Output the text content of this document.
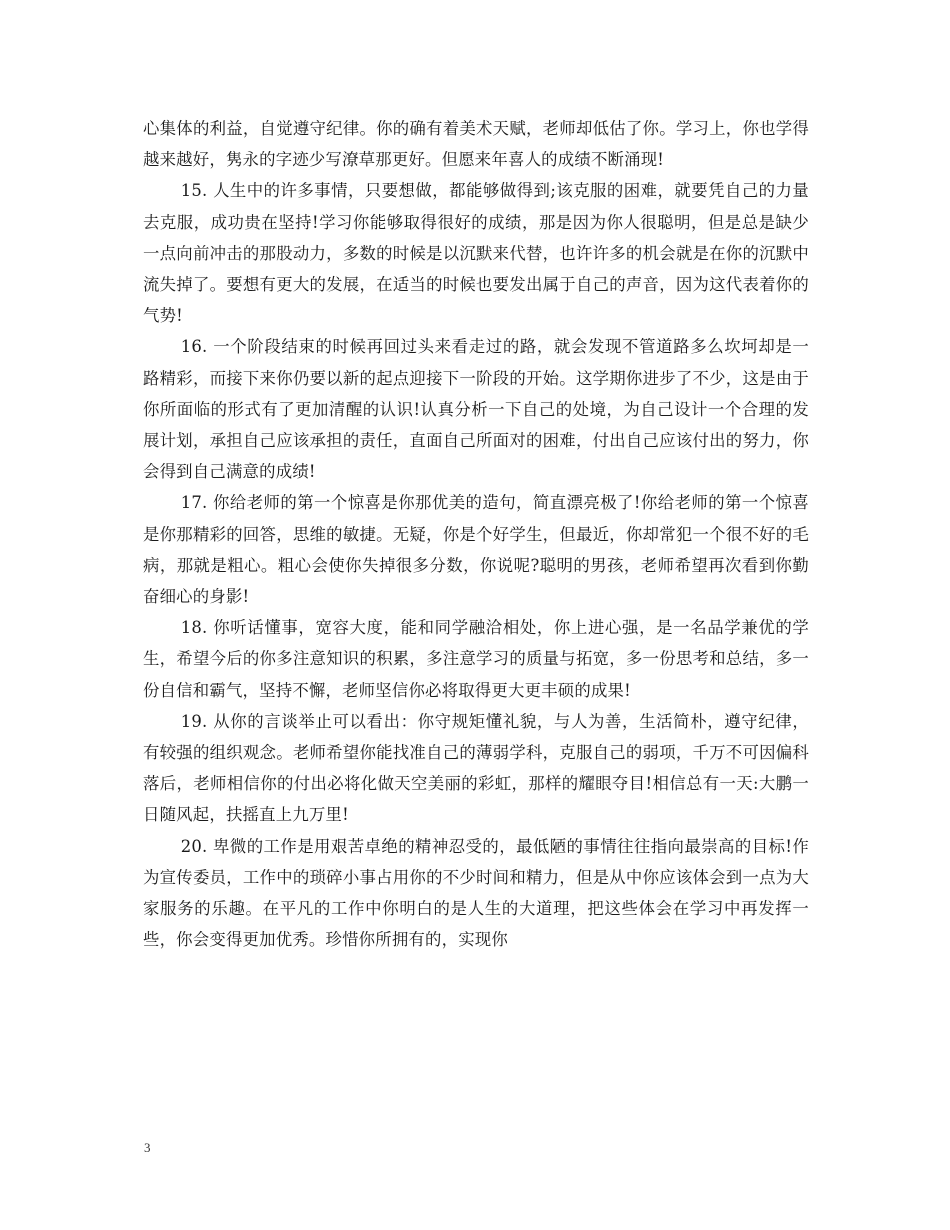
心集体的利益，自觉遵守纪律。你的确有着美术天赋，老师却低估了你。学习上，你也学得越来越好，隽永的字迹少写潦草那更好。但愿来年喜人的成绩不断涌现!

15. 人生中的许多事情，只要想做，都能够做得到;该克服的困难，就要凭自己的力量去克服，成功贵在坚持!学习你能够取得很好的成绩，那是因为你人很聪明，但是总是缺少一点向前冲击的那股动力，多数的时候是以沉默来代替，也许许多的机会就是在你的沉默中流失掉了。要想有更大的发展，在适当的时候也要发出属于自己的声音，因为这代表着你的气势!

16. 一个阶段结束的时候再回过头来看走过的路，就会发现不管道路多么坎坷却是一路精彩，而接下来你仍要以新的起点迎接下一阶段的开始。这学期你进步了不少，这是由于你所面临的形式有了更加清醒的认识!认真分析一下自己的处境，为自己设计一个合理的发展计划，承担自己应该承担的责任，直面自己所面对的困难，付出自己应该付出的努力，你会得到自己满意的成绩!

17. 你给老师的第一个惊喜是你那优美的造句，简直漂亮极了!你给老师的第一个惊喜是你那精彩的回答，思维的敏捷。无疑，你是个好学生，但最近，你却常犯一个很不好的毛病，那就是粗心。粗心会使你失掉很多分数，你说呢?聪明的男孩，老师希望再次看到你勤奋细心的身影!

18. 你听话懂事，宽容大度，能和同学融洽相处，你上进心强，是一名品学兼优的学生，希望今后的你多注意知识的积累，多注意学习的质量与拓宽，多一份思考和总结，多一份自信和霸气，坚持不懈，老师坚信你必将取得更大更丰硕的成果!

19. 从你的言谈举止可以看出：你守规矩懂礼貌，与人为善，生活简朴，遵守纪律，有较强的组织观念。老师希望你能找准自己的薄弱学科，克服自己的弱项，千万不可因偏科落后，老师相信你的付出必将化做天空美丽的彩虹，那样的耀眼夺目!相信总有一天:大鹏一日随风起，扶摇直上九万里!

20. 卑微的工作是用艰苦卓绝的精神忍受的，最低陋的事情往往指向最崇高的目标!作为宣传委员，工作中的琐碎小事占用你的不少时间和精力，但是从中你应该体会到一点为大家服务的乐趣。在平凡的工作中你明白的是人生的大道理，把这些体会在学习中再发挥一些，你会变得更加优秀。珍惜你所拥有的，实现你

3
